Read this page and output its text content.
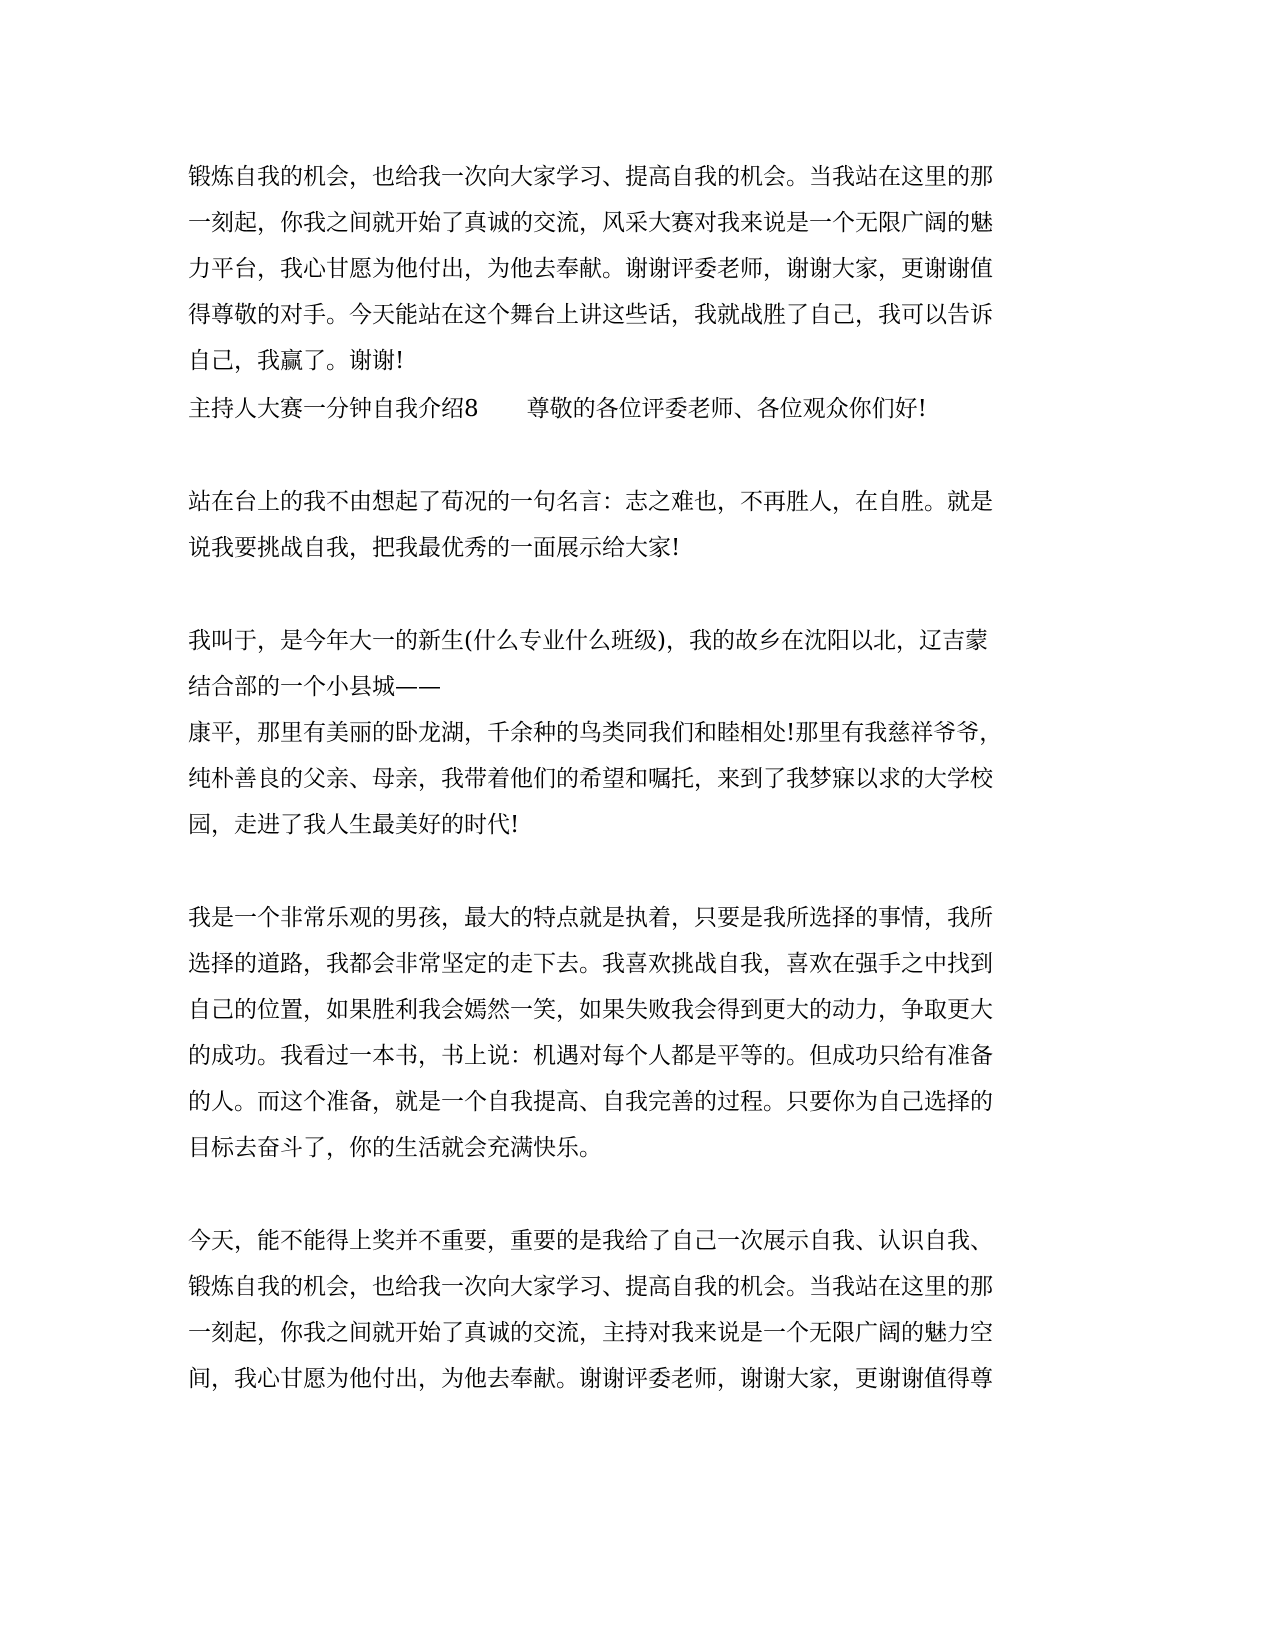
锻炼自我的机会，也给我一次向大家学习、提高自我的机会。当我站在这里的那
一刻起，你我之间就开始了真诚的交流，风采大赛对我来说是一个无限广阔的魅
力平台，我心甘愿为他付出，为他去奉献。谢谢评委老师，谢谢大家，更谢谢值
得尊敬的对手。今天能站在这个舞台上讲这些话，我就战胜了自己，我可以告诉
自己，我赢了。谢谢!
主持人大赛一分钟自我介绍8 尊敬的各位评委老师、各位观众你们好!
站在台上的我不由想起了荀况的一句名言：志之难也，不再胜人，在自胜。就是
说我要挑战自我，把我最优秀的一面展示给大家!
我叫于，是今年大一的新生(什么专业什么班级)，我的故乡在沈阳以北，辽吉蒙
结合部的一个小县城——
康平，那里有美丽的卧龙湖，千余种的鸟类同我们和睦相处!那里有我慈祥爷爷，
纯朴善良的父亲、母亲，我带着他们的希望和嘱托，来到了我梦寐以求的大学校
园，走进了我人生最美好的时代!
我是一个非常乐观的男孩，最大的特点就是执着，只要是我所选择的事情，我所
选择的道路，我都会非常坚定的走下去。我喜欢挑战自我，喜欢在强手之中找到
自己的位置，如果胜利我会嫣然一笑，如果失败我会得到更大的动力，争取更大
的成功。我看过一本书，书上说：机遇对每个人都是平等的。但成功只给有准备
的人。而这个准备，就是一个自我提高、自我完善的过程。只要你为自己选择的
目标去奋斗了，你的生活就会充满快乐。
今天，能不能得上奖并不重要，重要的是我给了自己一次展示自我、认识自我、
锻炼自我的机会，也给我一次向大家学习、提高自我的机会。当我站在这里的那
一刻起，你我之间就开始了真诚的交流，主持对我来说是一个无限广阔的魅力空
间，我心甘愿为他付出，为他去奉献。谢谢评委老师，谢谢大家，更谢谢值得尊
